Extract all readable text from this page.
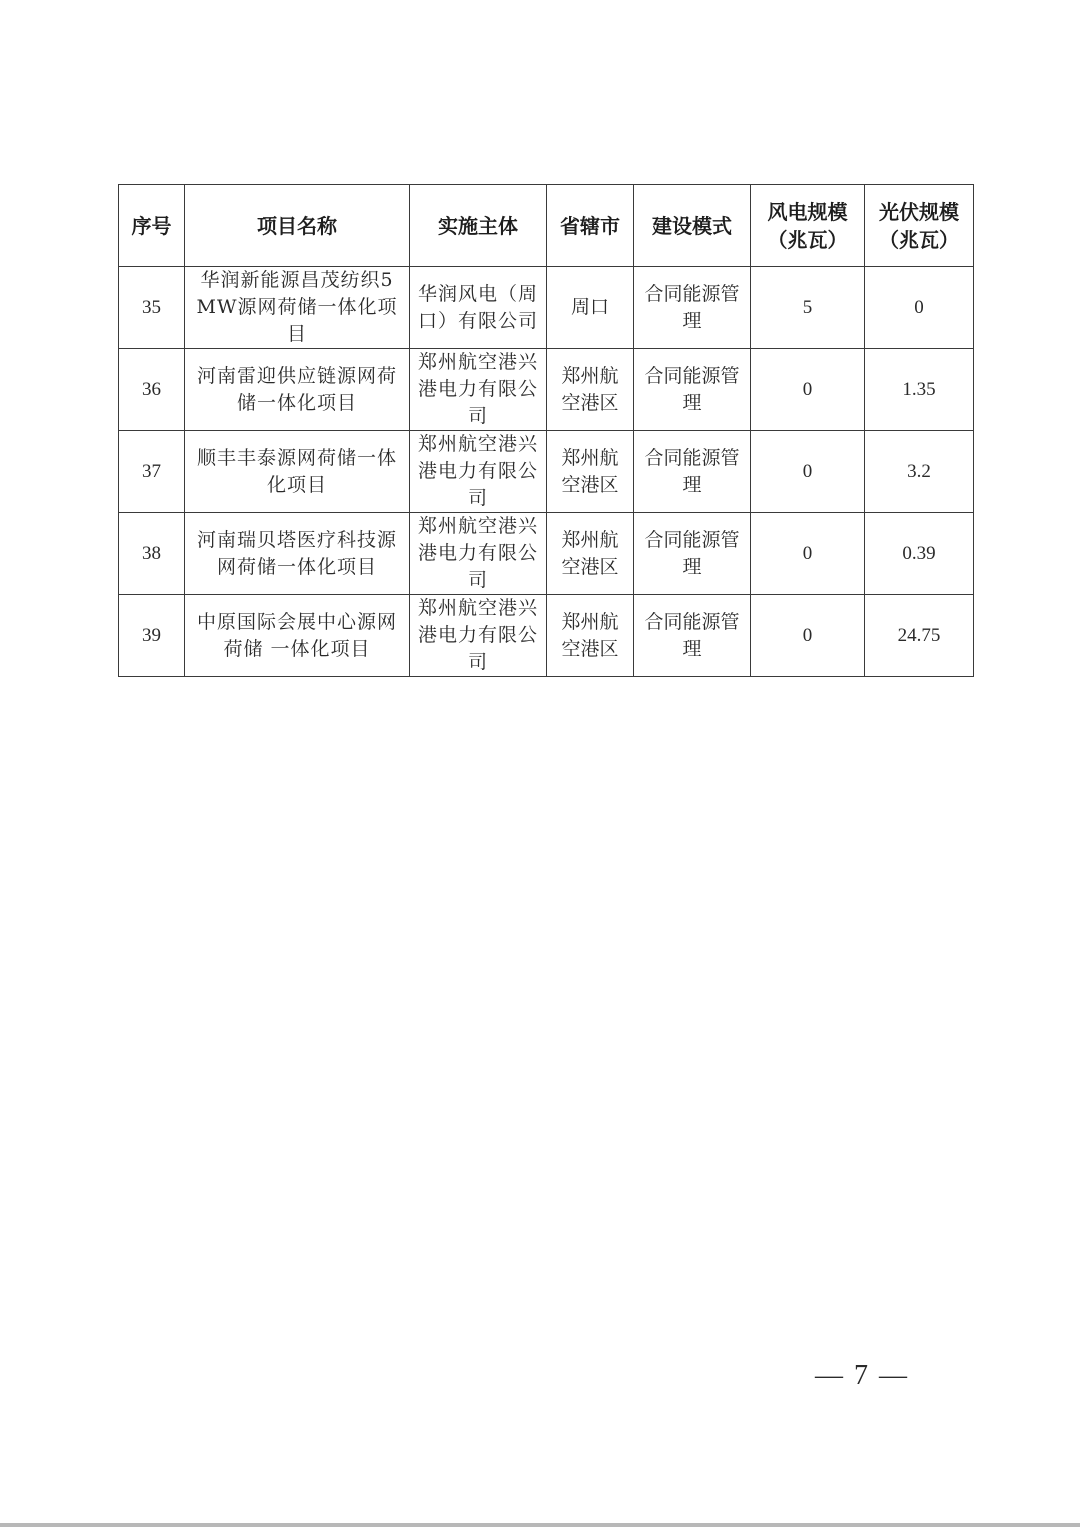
序号	项目名称	实施主体	省辖市	建设模式	风电规模（兆瓦）	光伏规模（兆瓦）
35	华润新能源昌茂纺织5MW源网荷储一体化项目	华润风电（周口）有限公司	周口	合同能源管理	5	0
36	河南雷迎供应链源网荷储一体化项目	郑州航空港兴港电力有限公司	郑州航空港区	合同能源管理	0	1.35
37	顺丰丰泰源网荷储一体化项目	郑州航空港兴港电力有限公司	郑州航空港区	合同能源管理	0	3.2
38	河南瑞贝塔医疗科技源网荷储一体化项目	郑州航空港兴港电力有限公司	郑州航空港区	合同能源管理	0	0.39
39	中原国际会展中心源网荷储 一体化项目	郑州航空港兴港电力有限公司	郑州航空港区	合同能源管理	0	24.75
— 7 —
